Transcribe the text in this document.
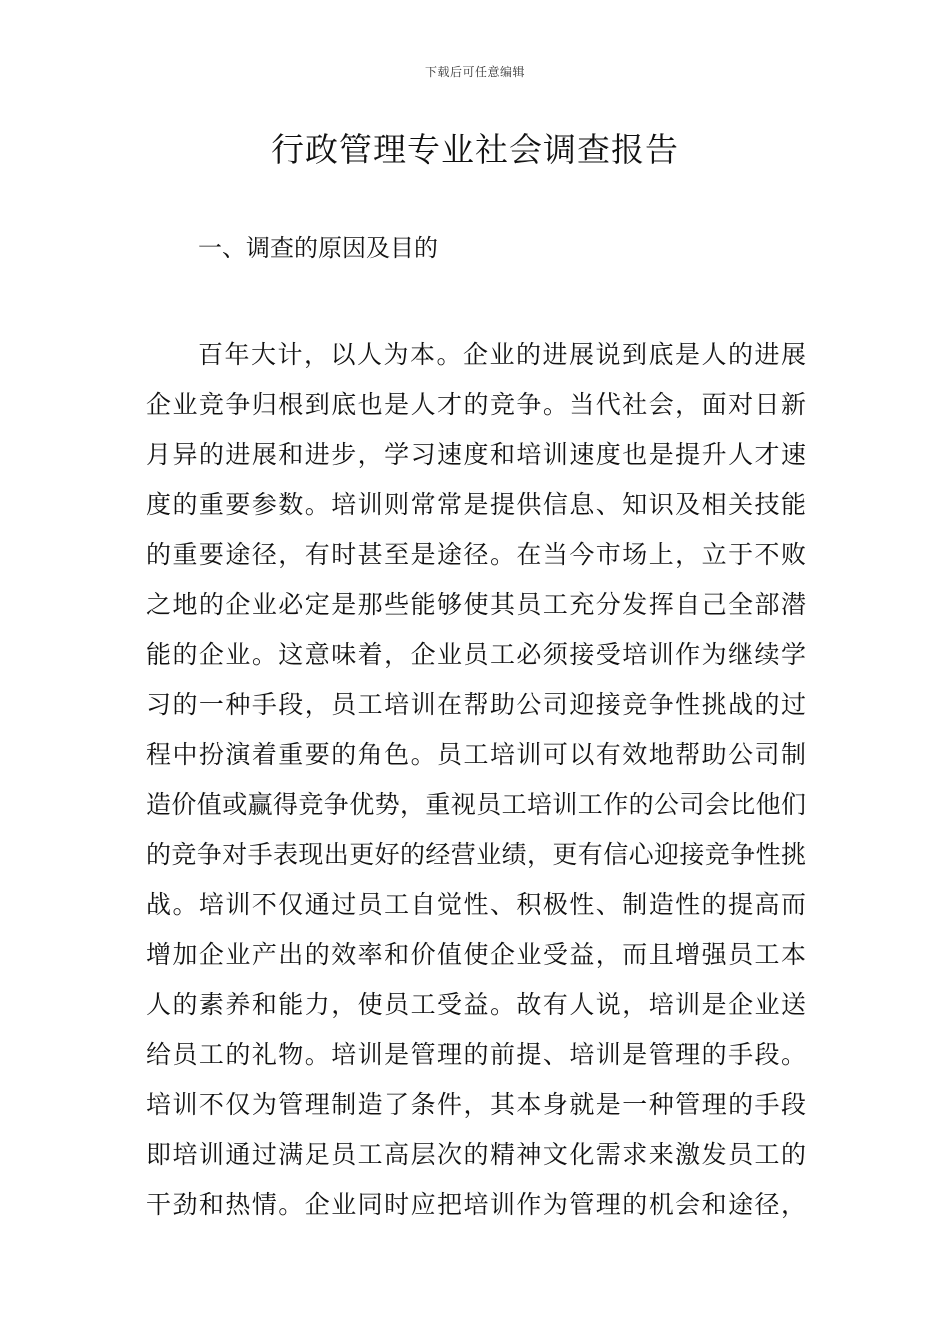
下载后可任意编辑
行政管理专业社会调查报告
一、调查的原因及目的
百年大计，以人为本。企业的进展说到底是人的进展
企业竞争归根到底也是人才的竞争。当代社会，面对日新
月异的进展和进步，学习速度和培训速度也是提升人才速
度的重要参数。培训则常常是提供信息、知识及相关技能
的重要途径，有时甚至是途径。在当今市场上，立于不败
之地的企业必定是那些能够使其员工充分发挥自己全部潜
能的企业。这意味着，企业员工必须接受培训作为继续学
习的一种手段，员工培训在帮助公司迎接竞争性挑战的过
程中扮演着重要的角色。员工培训可以有效地帮助公司制
造价值或赢得竞争优势，重视员工培训工作的公司会比他们
的竞争对手表现出更好的经营业绩，更有信心迎接竞争性挑
战。培训不仅通过员工自觉性、积极性、制造性的提高而
增加企业产出的效率和价值使企业受益，而且增强员工本
人的素养和能力，使员工受益。故有人说，培训是企业送
给员工的礼物。培训是管理的前提、培训是管理的手段。
培训不仅为管理制造了条件，其本身就是一种管理的手段
即培训通过满足员工高层次的精神文化需求来激发员工的
干劲和热情。企业同时应把培训作为管理的机会和途径，
